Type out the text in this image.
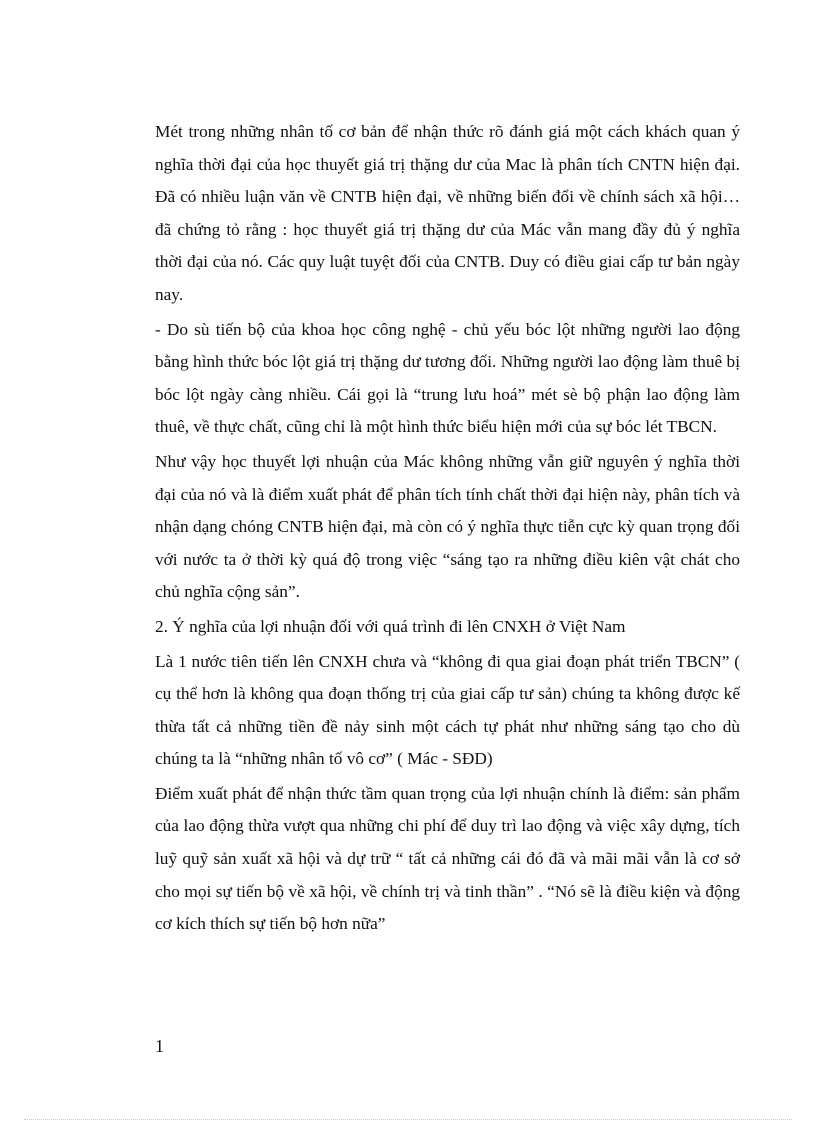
Mét trong những nhân tố cơ bản để nhận thức rõ đánh giá một cách khách quan ý nghĩa thời đại của học thuyết giá trị thặng dư của Mac là phân tích CNTN hiện đại. Đã có nhiều luận văn về CNTB hiện đại, về những biến đổi về chính sách xã hội… đã chứng tỏ rằng : học thuyết giá trị thặng dư của Mác vẫn mang đầy đủ ý nghĩa thời đại của nó. Các quy luật tuyệt đối của CNTB. Duy có điều giai cấp tư bản ngày nay.

- Do sù tiến bộ của khoa học công nghệ - chủ yếu bóc lột những người lao động bằng hình thức bóc lột giá trị thặng dư tương đối. Những người lao động làm thuê bị bóc lột ngày càng nhiều. Cái gọi là “trung lưu hoá” mét sè bộ phận lao động làm thuê, về thực chất, cũng chỉ là một hình thức biểu hiện mới của sự bóc lét TBCN.

Như vậy học thuyết lợi nhuận của Mác không những vẫn giữ nguyên ý nghĩa thời đại của nó và là điểm xuất phát để phân tích tính chất thời đại hiện này, phân tích và nhận dạng chóng CNTB hiện đại, mà còn có ý nghĩa thực tiễn cực kỳ quan trọng đối với nước ta ở thời kỳ quá độ trong việc “sáng tạo ra những điều kiên vật chát cho chủ nghĩa cộng sản”.

2. Ý nghĩa của lợi nhuận đối với quá trình đi lên CNXH ở Việt Nam

Là 1 nước tiên tiến lên CNXH chưa và “không đi qua giai đoạn phát triển TBCN” ( cụ thể hơn là không qua đoạn thống trị của giai cấp tư sản) chúng ta không được kế thừa tất cả những tiền đề nảy sinh một cách tự phát như những sáng tạo cho dù chúng ta là “những nhân tố vô cơ” ( Mác - SĐD)

Điểm xuất phát để nhận thức tầm quan trọng của lợi nhuận chính là điểm: sản phẩm của lao động thừa vượt qua những chi phí để duy trì lao động và việc xây dựng, tích luỹ quỹ sản xuất xã hội và dự trữ “ tất cả những cái đó đã và mãi mãi vẫn là cơ sở cho mọi sự tiến bộ về xã hội, về chính trị và tinh thần” . “Nó sẽ là điều kiện và động cơ kích thích sự tiến bộ hơn nữa”

1
